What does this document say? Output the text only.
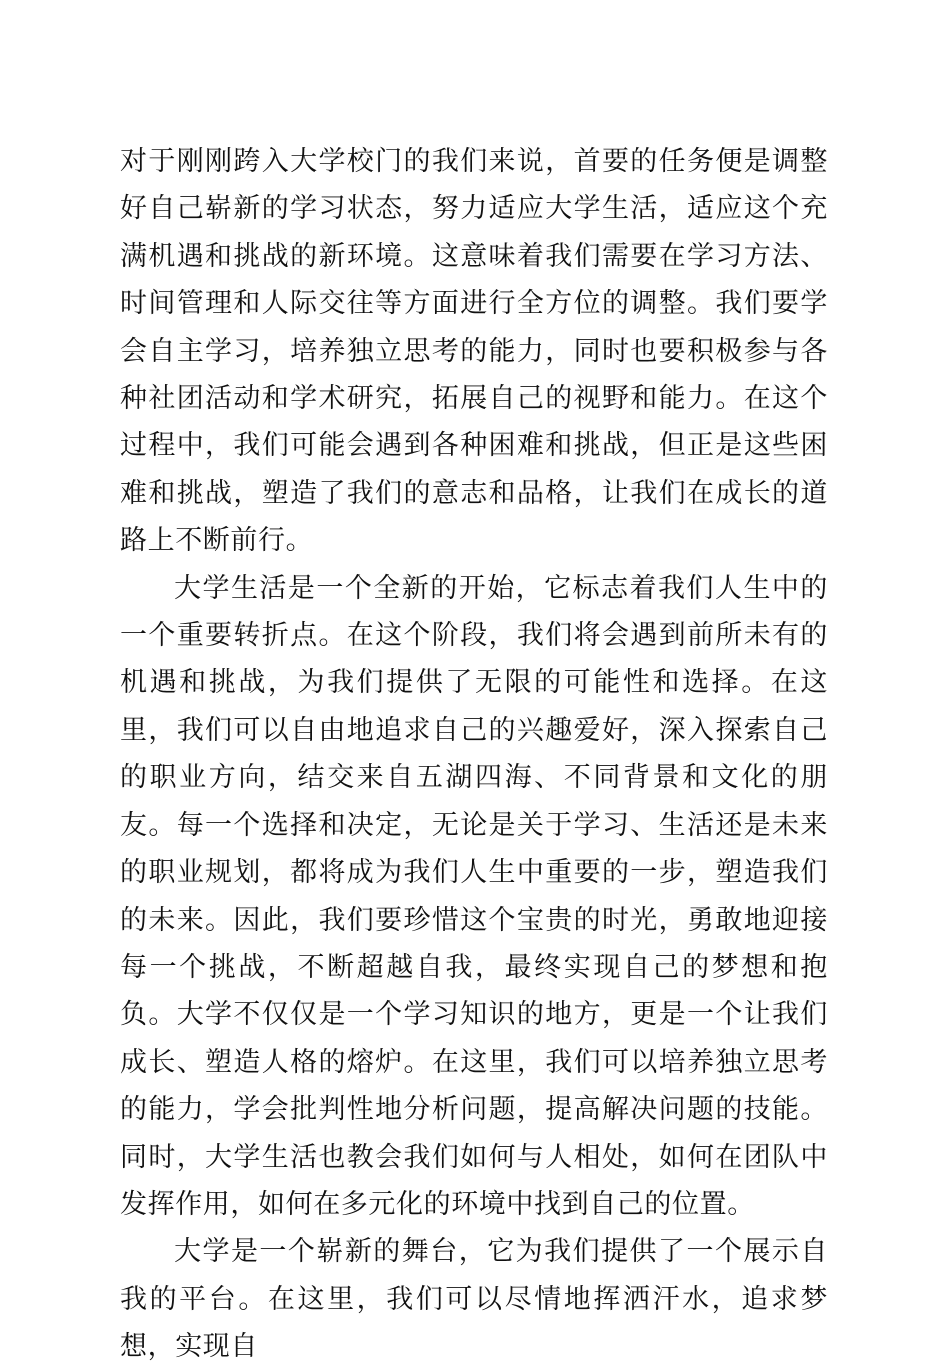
对于刚刚跨入大学校门的我们来说，首要的任务便是调整好自己崭新的学习状态，努力适应大学生活，适应这个充满机遇和挑战的新环境。这意味着我们需要在学习方法、时间管理和人际交往等方面进行全方位的调整。我们要学会自主学习，培养独立思考的能力，同时也要积极参与各种社团活动和学术研究，拓展自己的视野和能力。在这个过程中，我们可能会遇到各种困难和挑战，但正是这些困难和挑战，塑造了我们的意志和品格，让我们在成长的道路上不断前行。

大学生活是一个全新的开始，它标志着我们人生中的一个重要转折点。在这个阶段，我们将会遇到前所未有的机遇和挑战，为我们提供了无限的可能性和选择。在这里，我们可以自由地追求自己的兴趣爱好，深入探索自己的职业方向，结交来自五湖四海、不同背景和文化的朋友。每一个选择和决定，无论是关于学习、生活还是未来的职业规划，都将成为我们人生中重要的一步，塑造我们的未来。因此，我们要珍惜这个宝贵的时光，勇敢地迎接每一个挑战，不断超越自我，最终实现自己的梦想和抱负。大学不仅仅是一个学习知识的地方，更是一个让我们成长、塑造人格的熔炉。在这里，我们可以培养独立思考的能力，学会批判性地分析问题，提高解决问题的技能。同时，大学生活也教会我们如何与人相处，如何在团队中发挥作用，如何在多元化的环境中找到自己的位置。

大学是一个崭新的舞台，它为我们提供了一个展示自我的平台。在这里，我们可以尽情地挥洒汗水，追求梦想，实现自
